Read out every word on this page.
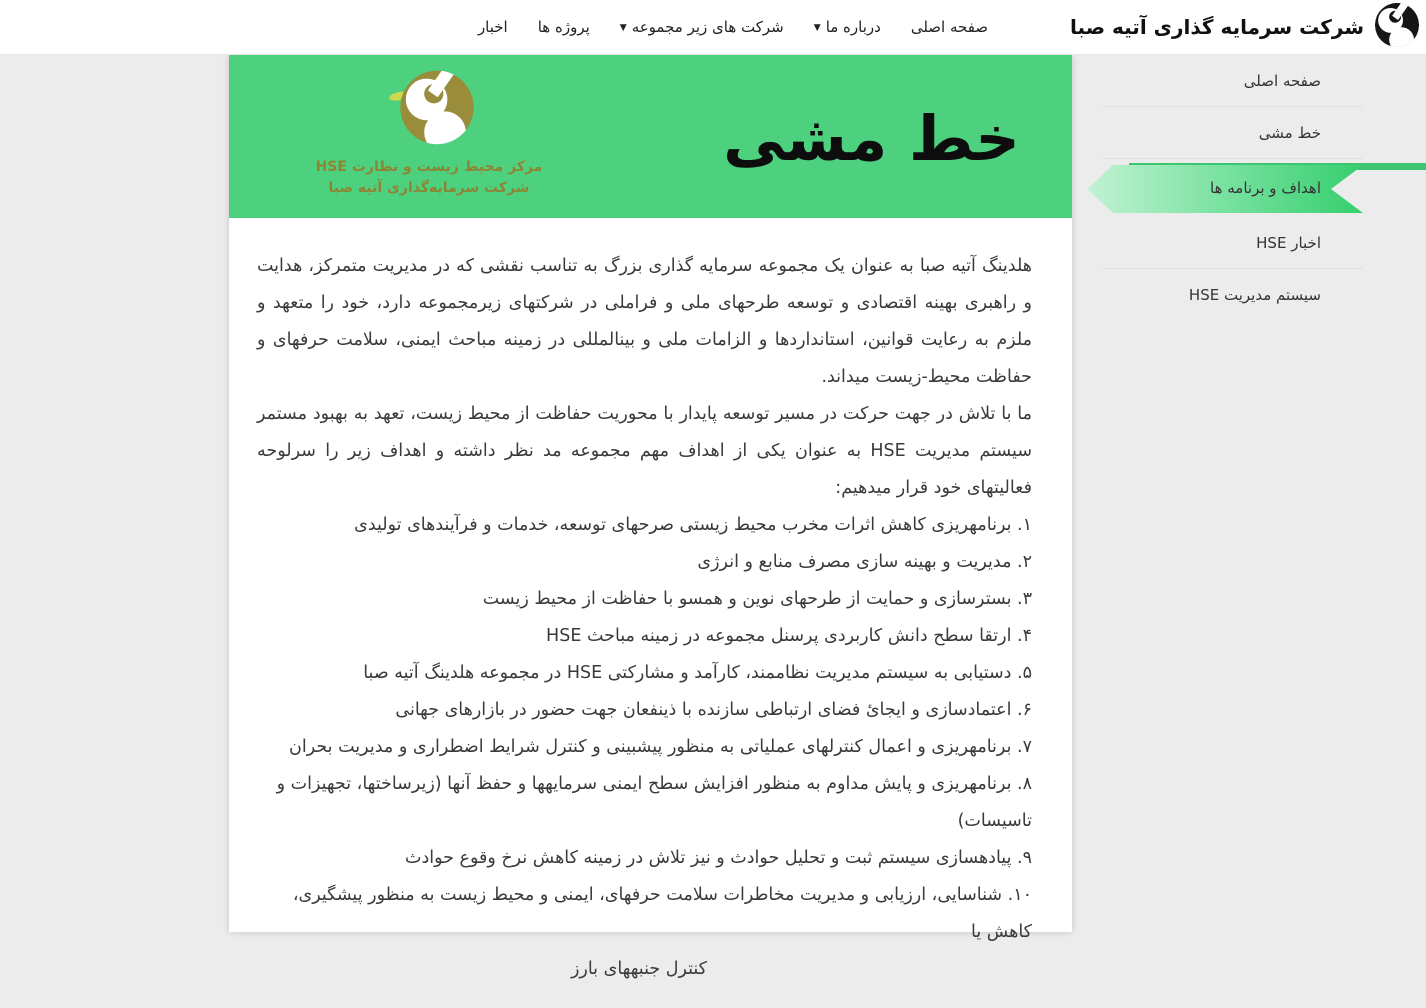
شرکت سرمایه گذاری آتیه صبا
صفحه اصلی
درباره ما
▼
شرکت های زیر مجموعه
▼
پروژه ها
اخبار
مرکز محیط زیست و نظارت HSE
شرکت سرمایه‌گذاری آتیه صبا
خط مشی

هلدینگ آتیه صبا به عنوان یک مجموعه سرمایه گذاری بزرگ به تناسب نقشی که در مدیریت متمرکز، هدایت و راهبری بهینه اقتصادی و توسعه طرحهای ملی و فراملی در شرکتهای زیرمجموعه دارد، خود را متعهد و ملزم به رعایت قوانین، استانداردها و الزامات ملی و بینالمللی در زمینه مباحث ایمنی، سلامت حرفهای و حفاظت محیط-زیست میداند.

ما با تلاش در جهت حرکت در مسیر توسعه پایدار با محوریت حفاظت از محیط زیست، تعهد به بهبود مستمر سیستم مدیریت HSE به عنوان یکی از اهداف مهم مجموعه مد نظر داشته و اهداف زیر را سرلوحه فعالیتهای خود قرار میدهیم:

۱. برنامهریزی کاهش اثرات مخرب محیط زیستی صرحهای توسعه، خدمات و فرآیندهای تولیدی
۲. مدیریت و بهینه سازی مصرف منابع و انرژی
۳. بسترسازی و حمایت از طرحهای نوین و همسو با حفاظت از محیط زیست
۴. ارتقا سطح دانش کاربردی پرسنل مجموعه در زمینه مباحث HSE
۵. دستیابی به سیستم مدیریت نظاممند، کارآمد و مشارکتی HSE در مجموعه هلدینگ آتیه صبا
۶. اعتمادسازی و ایجائ فضای ارتباطی سازنده با ذینفعان جهت حضور در بازارهای جهانی
۷. برنامهریزی و اعمال کنترلهای عملیاتی به منظور پیشبینی و کنترل شرایط اضطراری و مدیریت بحران
۸. برنامهریزی و پایش مداوم به منظور افزایش سطح ایمنی سرمایهها و حفظ آنها (زیرساختها، تجهیزات و تاسیسات)
۹. پیادهسازی سیستم ثبت و تحلیل حوادث و نیز تلاش در زمینه کاهش نرخ وقوع حوادث
۱۰. شناسایی، ارزیابی و مدیریت مخاطرات سلامت حرفهای، ایمنی و محیط زیست به منظور پیشگیری، کاهش یا
کنترل جنبههای بارز
صفحه اصلی
خط مشی
اهداف و برنامه ها
اخبار HSE
سیستم مدیریت HSE
